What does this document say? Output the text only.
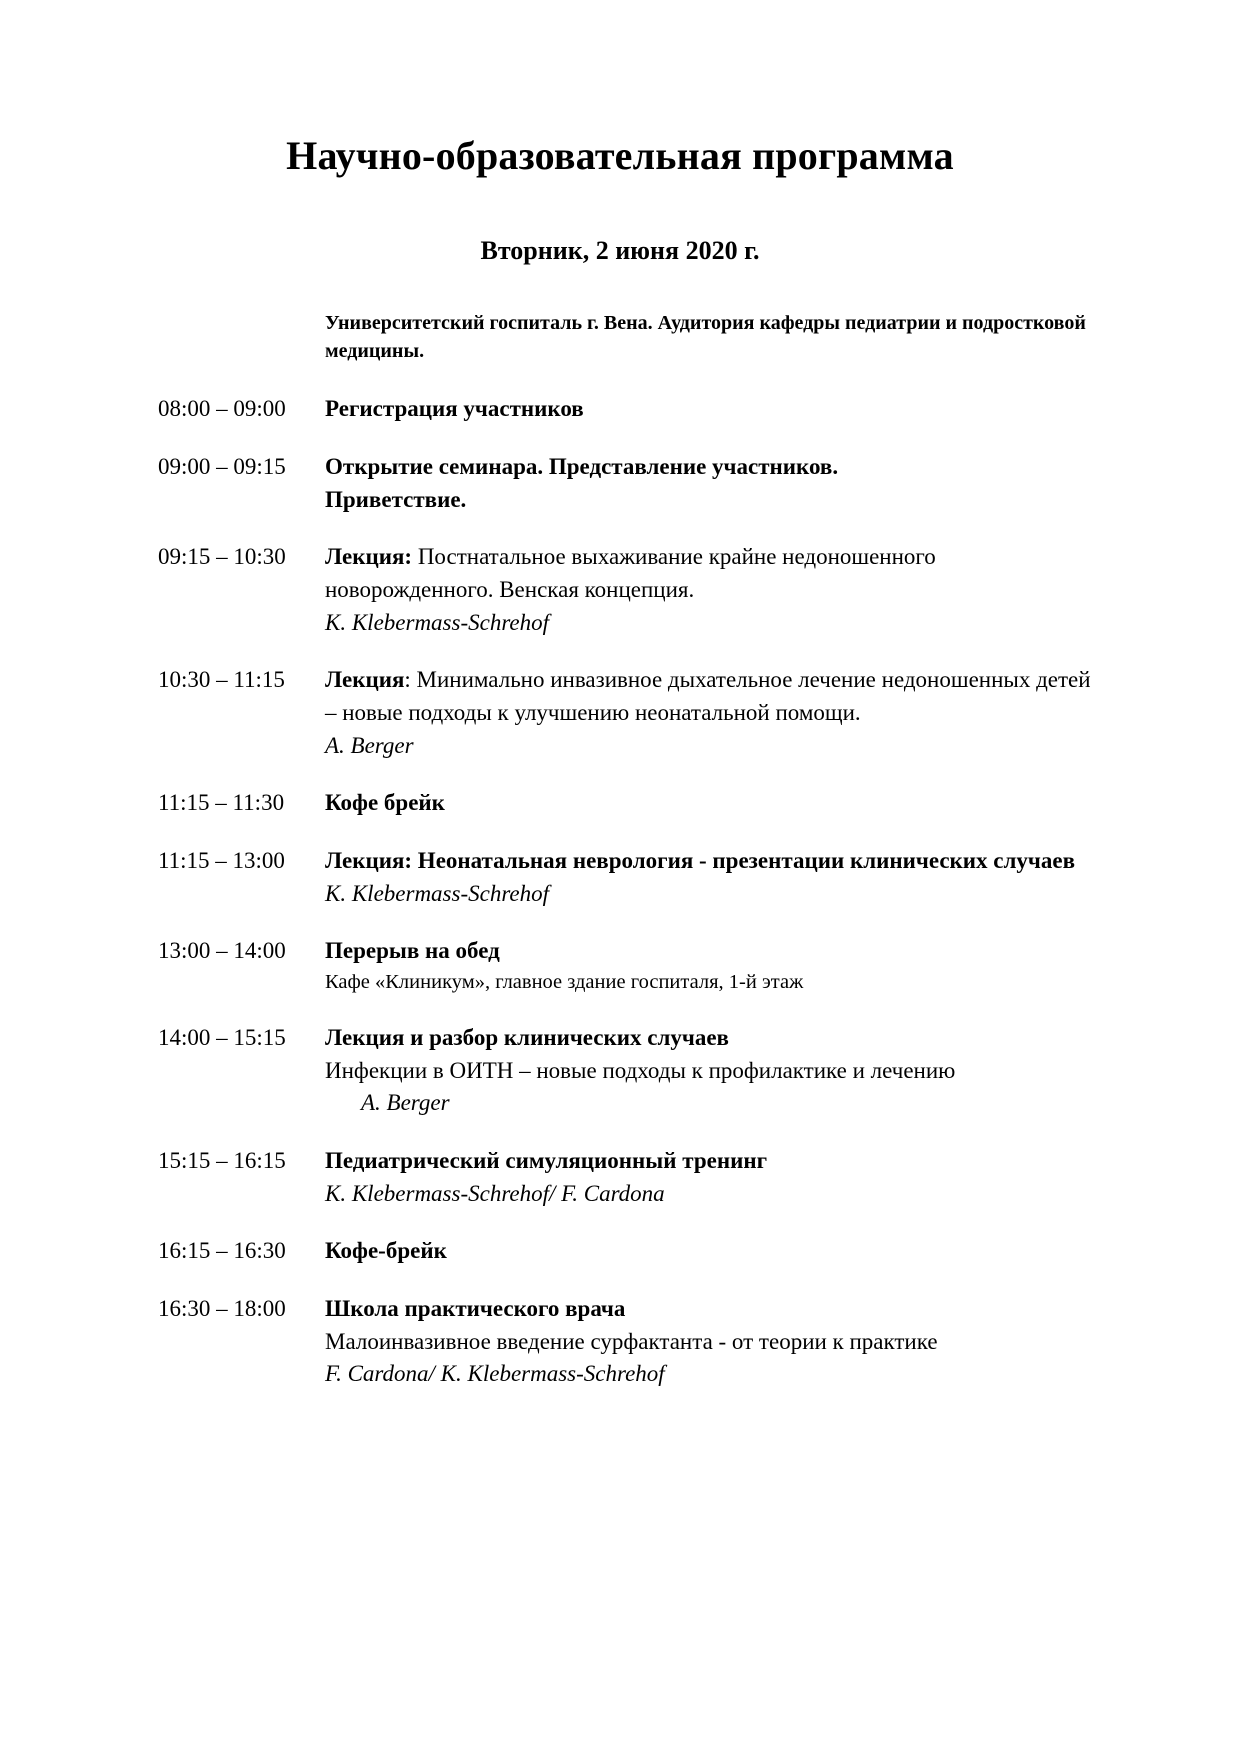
Научно-образовательная программа
Вторник, 2 июня 2020 г.

Университетский госпиталь г. Вена. Аудитория кафедры педиатрии и подростковой медицины.

08:00 – 09:00	Регистрация участников
09:00 – 09:15	Открытие семинара. Представление участников.
Приветствие.
09:15 – 10:30	Лекция: Постнатальное выхаживание крайне недоношенного новорожденного. Венская концепция.
K. Klebermass-Schrehof
10:30 – 11:15	Лекция: Минимально инвазивное дыхательное лечение недоношенных детей – новые подходы к улучшению неонатальной помощи.
A. Berger
11:15 – 11:30	Кофе брейк
11:15 – 13:00	Лекция: Неонатальная неврология - презентации клинических случаев
K. Klebermass-Schrehof
13:00 – 14:00	Перерыв на обед
Кафе «Клиникум», главное здание госпиталя, 1-й этаж
14:00 – 15:15	Лекция и разбор клинических случаев
Инфекции в ОИТН – новые подходы к профилактике и лечению
A. Berger
15:15 – 16:15	Педиатрический симуляционный тренинг
K. Klebermass-Schrehof/ F. Cardona
16:15 – 16:30	Кофе-брейк
16:30 – 18:00	Школа практического врача
Малоинвазивное введение сурфактанта - от теории к практике
F. Cardona/ K. Klebermass-Schrehof
